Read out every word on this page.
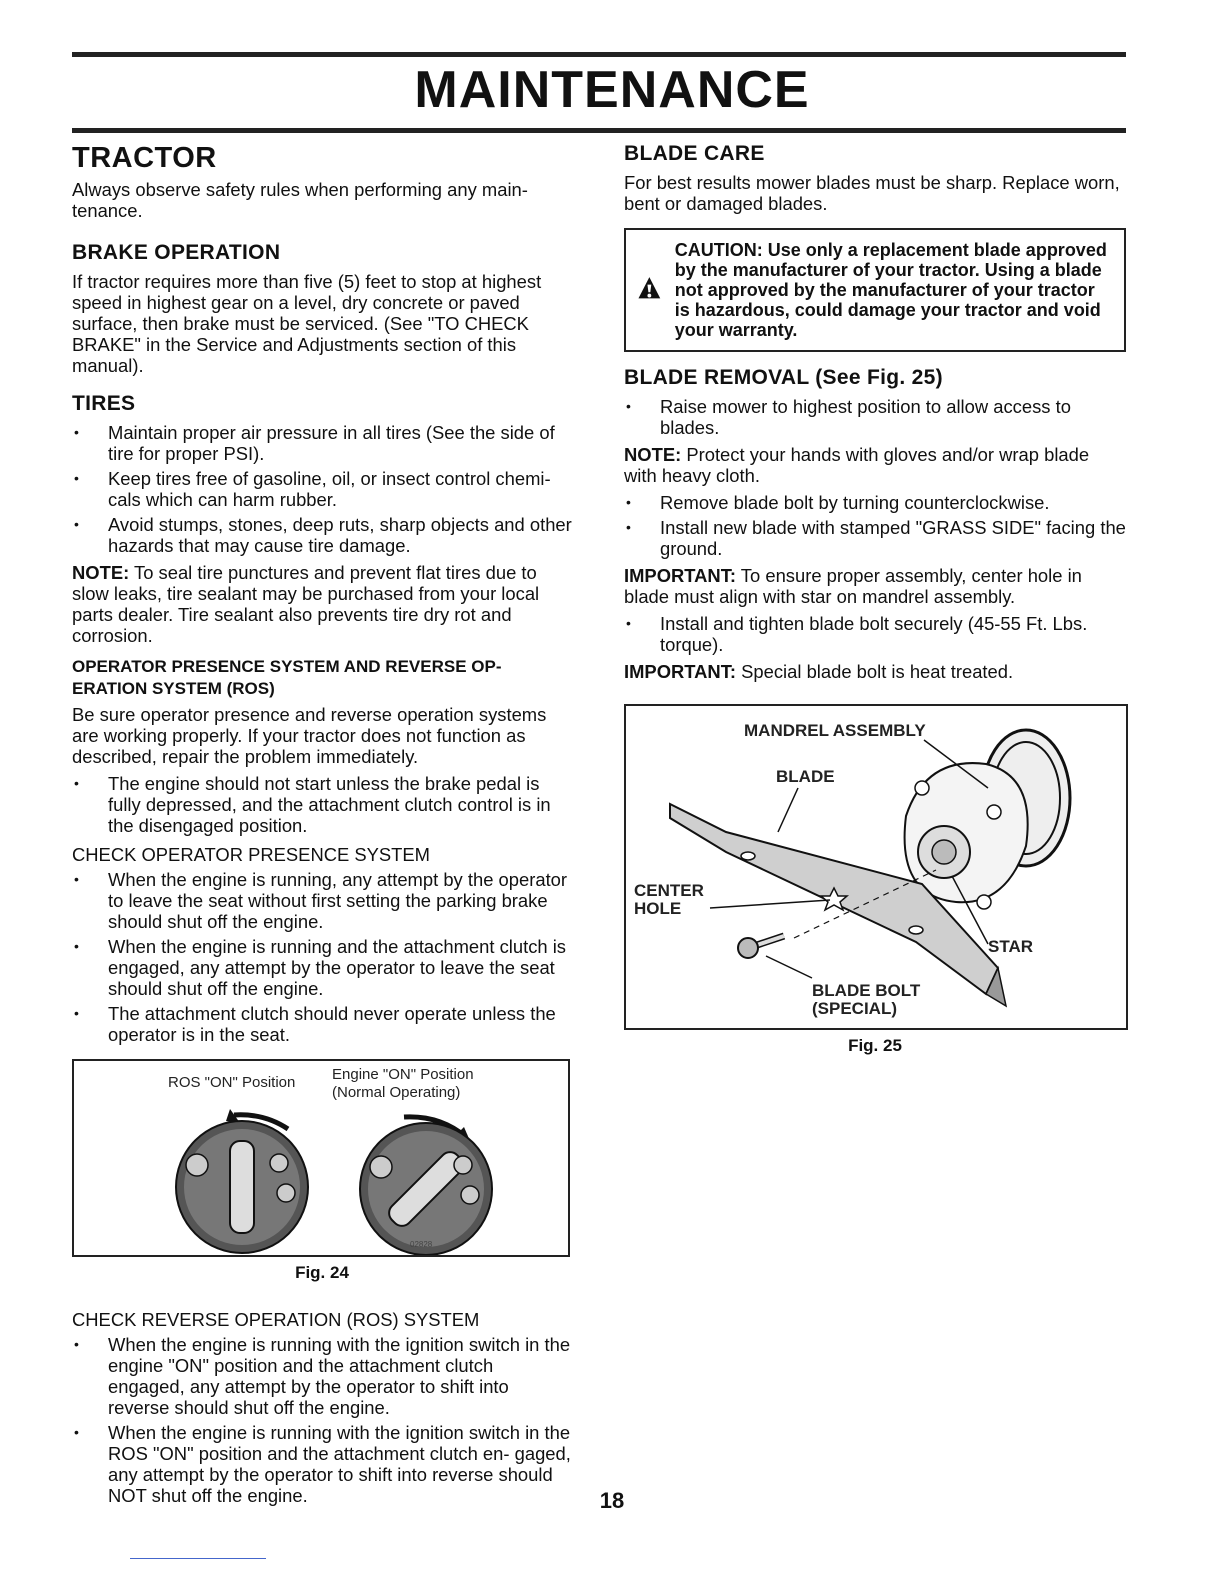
MAINTENANCE
TRACTOR

Always observe safety rules when performing any main- tenance.

BRAKE OPERATION

If tractor requires more than five (5) feet to stop at highest speed in highest gear on a level, dry concrete or paved surface, then brake must be serviced. (See "TO CHECK BRAKE" in the Service and Adjustments section of this manual).

TIRES
• Maintain proper air pressure in all tires (See the side of tire for proper PSI).
• Keep tires free of gasoline, oil, or insect control chemi- cals which can harm rubber.
• Avoid stumps, stones, deep ruts, sharp objects and other hazards that may cause tire damage.

NOTE: To seal tire punctures and prevent flat tires due to slow leaks, tire sealant may be purchased from your local parts dealer. Tire sealant also prevents tire dry rot and corrosion.

OPERATOR PRESENCE SYSTEM AND REVERSE OP- ERATION SYSTEM (ROS)

Be sure operator presence and reverse operation systems are working properly. If your tractor does not function as described, repair the problem immediately.

• The engine should not start unless the brake pedal is fully depressed, and the attachment clutch control is in the disengaged position.
CHECK OPERATOR PRESENCE SYSTEM
• When the engine is running, any attempt by the operator to leave the seat without first setting the parking brake should shut off the engine.
• When the engine is running and the attachment clutch is engaged, any attempt by the operator to leave the seat should shut off the engine.
• The attachment clutch should never operate unless the operator is in the seat.
ROS "ON" Position Engine "ON" Position
(Normal Operating)
02828
Fig. 24
CHECK REVERSE OPERATION (ROS) SYSTEM
• When the engine is running with the ignition switch in the engine "ON" position and the attachment clutch engaged, any attempt by the operator to shift into reverse should shut off the engine.
• When the engine is running with the ignition switch in the ROS "ON" position and the attachment clutch en- gaged, any attempt by the operator to shift into reverse should NOT shut off the engine.
BLADE CARE

For best results mower blades must be sharp. Replace worn, bent or damaged blades.

CAUTION: Use only a replacement blade approved by the manufacturer of your tractor. Using a blade not approved by the manufacturer of your tractor is hazardous, could damage your tractor and void your warranty.
BLADE REMOVAL (See Fig. 25)
• Raise mower to highest position to allow access to blades.

NOTE: Protect your hands with gloves and/or wrap blade with heavy cloth.

• Remove blade bolt by turning counterclockwise.
• Install new blade with stamped "GRASS SIDE" facing the ground.

IMPORTANT: To ensure proper assembly, center hole in blade must align with star on mandrel assembly.

• Install and tighten blade bolt securely (45-55 Ft. Lbs. torque).

IMPORTANT: Special blade bolt is heat treated.

MANDREL ASSEMBLY
BLADE
CENTER
HOLE
STAR
BLADE BOLT
(SPECIAL)
Fig. 25
18
